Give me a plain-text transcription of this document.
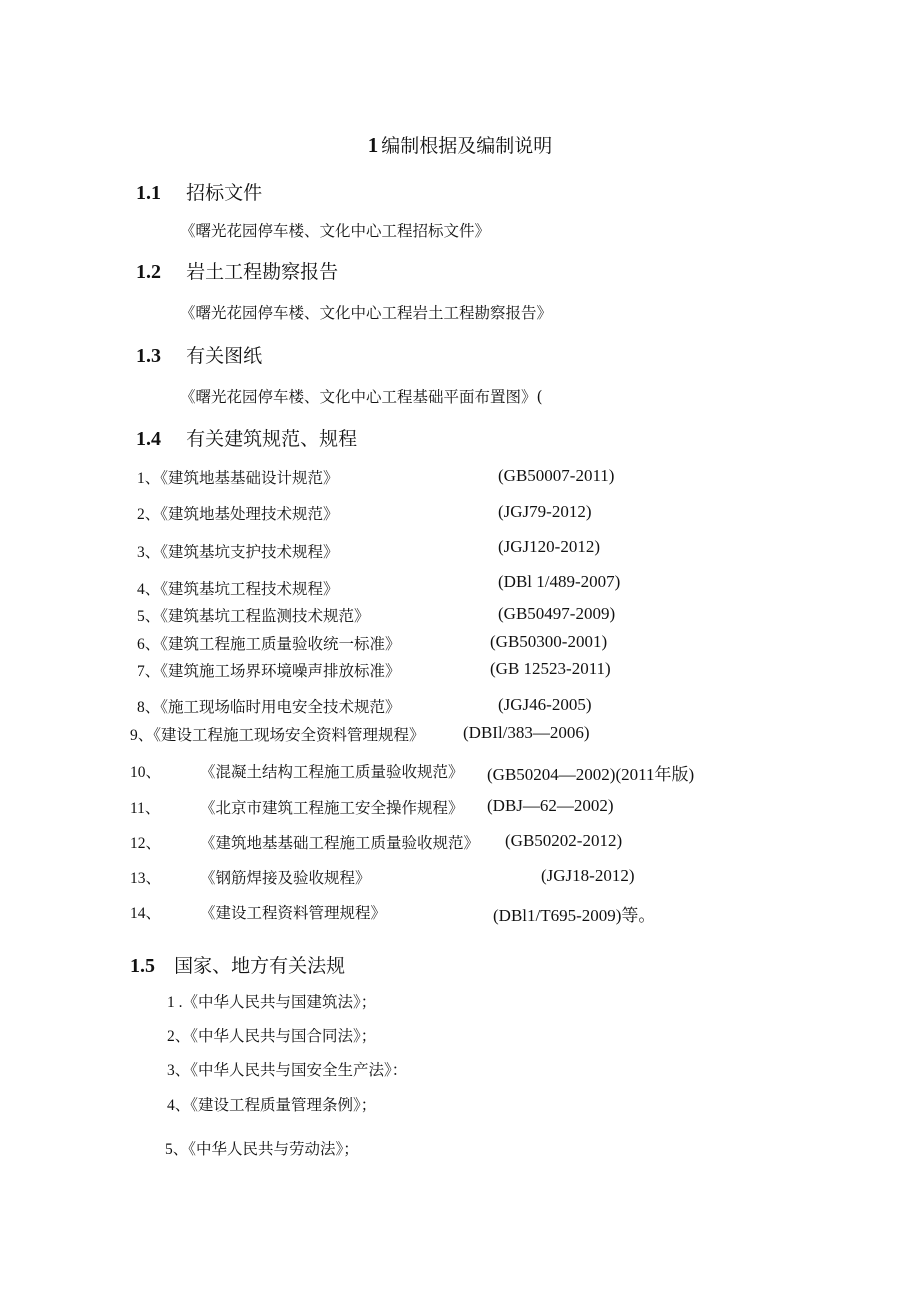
1 编制根据及编制说明
1.1 招标文件
《曙光花园停车楼、文化中心工程招标文件》
1.2 岩土工程勘察报告
《曙光花园停车楼、文化中心工程岩土工程勘察报告》
1.3 有关图纸
《曙光花园停车楼、文化中心工程基础平面布置图》(
1.4 有关建筑规范、规程
1、《建筑地基基础设计规范》	(GB50007-2011)
2、《建筑地基处理技术规范》	(JGJ79-2012)
3、《建筑基坑支护技术规程》	(JGJ120-2012)
4、《建筑基坑工程技术规程》	(DBl 1/489-2007)
5、《建筑基坑工程监测技术规范》	(GB50497-2009)
6、《建筑工程施工质量验收统一标准》	(GB50300-2001)
7、《建筑施工场界环境噪声排放标准》	(GB 12523-2011)
8、《施工现场临时用电安全技术规范》	(JGJ46-2005)
9、《建设工程施工现场安全资料管理规程》 (DBIl/383—2006)
10、	《混凝土结构工程施工质量验收规范》 (GB50204—2002)(2011年版)
11、	《北京市建筑工程施工安全操作规程》 (DBJ—62—2002)
12、	《建筑地基基础工程施工质量验收规范》 (GB50202-2012)
13、	《钢筋焊接及验收规程》	(JGJ18-2012)
14、	《建设工程资料管理规程》	(DBl1/T695-2009)等。
1.5 国家、地方有关法规
1 .《中华人民共与国建筑法》；
2、《中华人民共与国合同法》；
3、《中华人民共与国安全生产法》：
4、《建设工程质量管理条例》；
5、《中华人民共与劳动法》；
